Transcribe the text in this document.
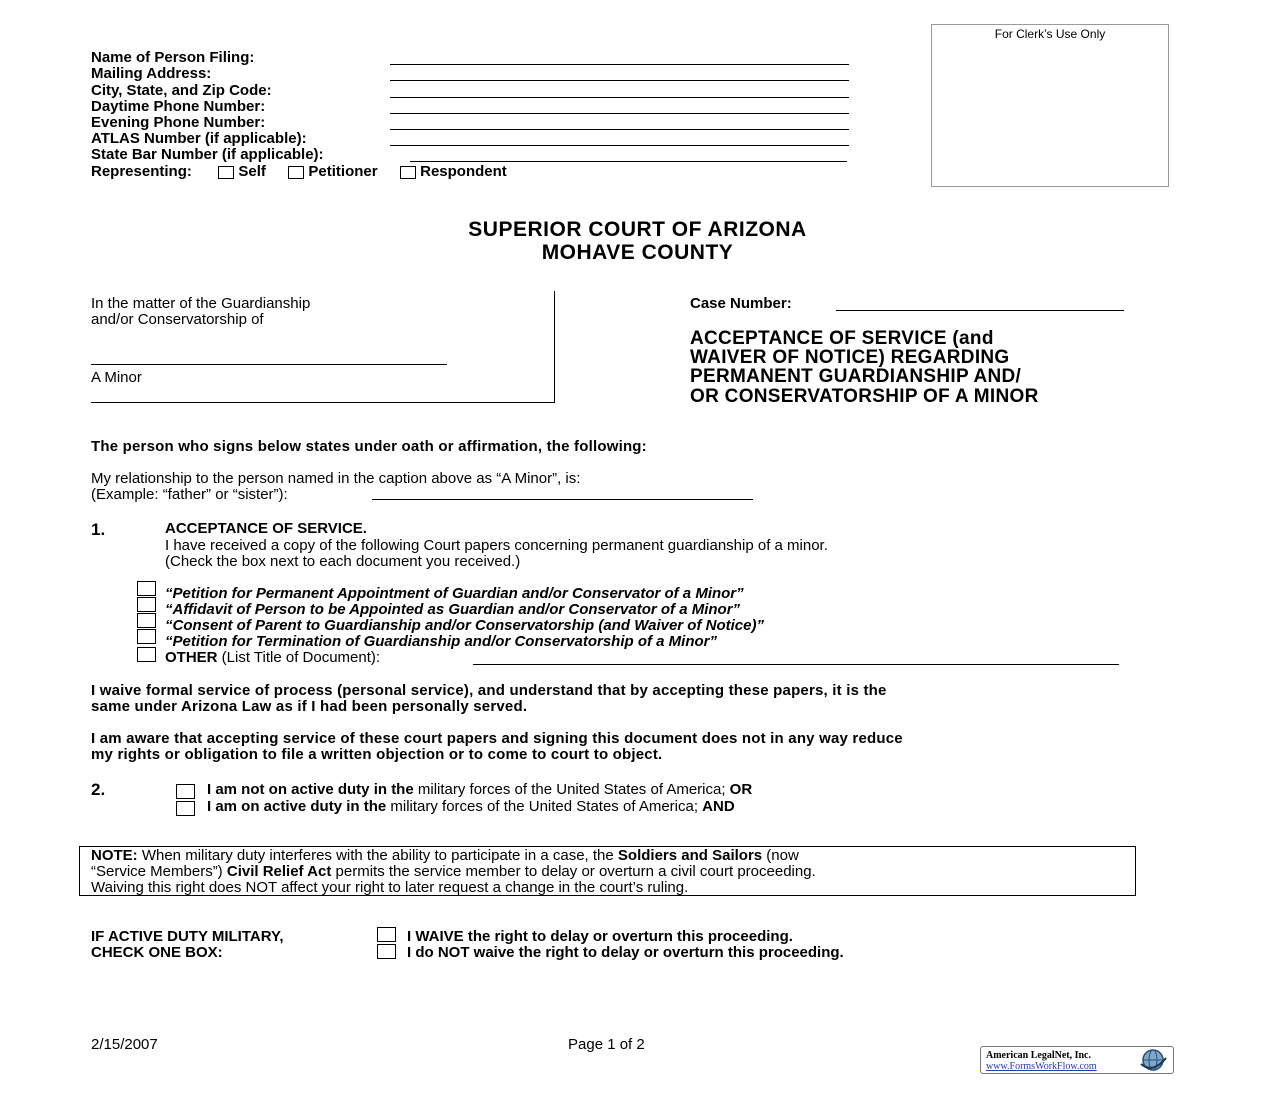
For Clerk’s Use Only
Name of Person Filing:
Mailing Address:
City, State, and Zip Code:
Daytime Phone Number:
Evening Phone Number:
ATLAS Number (if applicable):
State Bar Number (if applicable):
Representing:	Self	Petitioner	Respondent
SUPERIOR COURT OF ARIZONA
MOHAVE COUNTY
In the matter of the Guardianship
and/or Conservatorship of
A Minor
Case Number:
ACCEPTANCE OF SERVICE (and
WAIVER OF NOTICE) REGARDING
PERMANENT GUARDIANSHIP AND/
OR CONSERVATORSHIP OF A MINOR
The person who signs below states under oath or affirmation, the following:
My relationship to the person named in the caption above as “A Minor”, is:
(Example: “father” or “sister”):
1.	ACCEPTANCE OF SERVICE.
I have received a copy of the following Court papers concerning permanent guardianship of a minor.
(Check the box next to each document you received.)
“Petition for Permanent Appointment of Guardian and/or Conservator of a Minor”
“Affidavit of Person to be Appointed as Guardian and/or Conservator of a Minor”
“Consent of Parent to Guardianship and/or Conservatorship (and Waiver of Notice)”
“Petition for Termination of Guardianship and/or Conservatorship of a Minor”
OTHER (List Title of Document):
I waive formal service of process (personal service), and understand that by accepting these papers, it is the
same under Arizona Law as if I had been personally served.
I am aware that accepting service of these court papers and signing this document does not in any way reduce
my rights or obligation to file a written objection or to come to court to object.
2.	I am not on active duty in the military forces of the United States of America; OR
I am on active duty in the military forces of the United States of America; AND
NOTE: When military duty interferes with the ability to participate in a case, the Soldiers and Sailors (now
“Service Members”) Civil Relief Act permits the service member to delay or overturn a civil court proceeding.
Waiving this right does NOT affect your right to later request a change in the court’s ruling.
IF ACTIVE DUTY MILITARY,
CHECK ONE BOX:
I WAIVE the right to delay or overturn this proceeding.
I do NOT waive the right to delay or overturn this proceeding.
2/15/2007	Page 1 of 2
American LegalNet, Inc.
www.FormsWorkFlow.com
